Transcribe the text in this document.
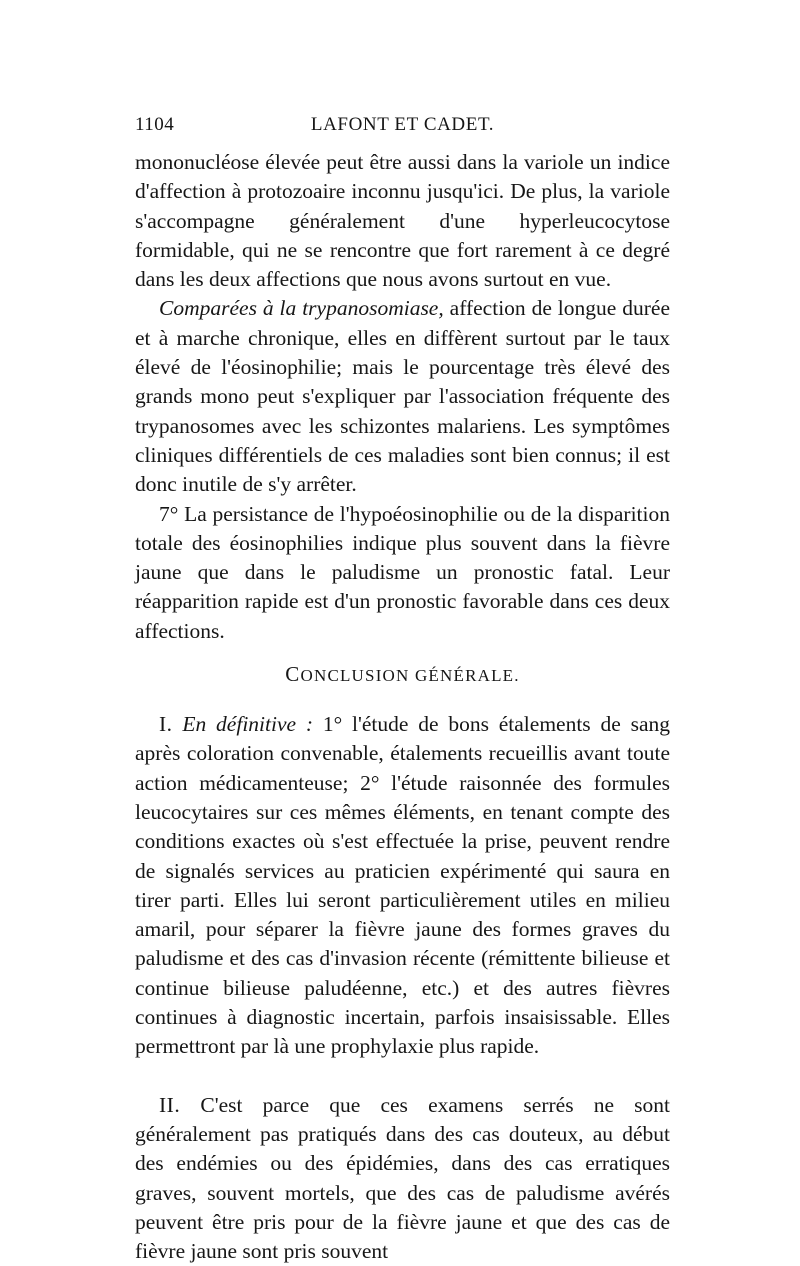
1104	LAFONT ET CADET.

mononucléose élevée peut être aussi dans la variole un indice d'affection à protozoaire inconnu jusqu'ici. De plus, la variole s'accompagne généralement d'une hyperleucocytose formidable, qui ne se rencontre que fort rarement à ce degré dans les deux affections que nous avons surtout en vue.

Comparées à la trypanosomiase, affection de longue durée et à marche chronique, elles en diffèrent surtout par le taux élevé de l'éosinophilie; mais le pourcentage très élevé des grands mono peut s'expliquer par l'association fréquente des trypanosomes avec les schizontes malariens. Les symptômes cliniques différentiels de ces maladies sont bien connus; il est donc inutile de s'y arrêter.

7° La persistance de l'hypoéosinophilie ou de la disparition totale des éosinophilies indique plus souvent dans la fièvre jaune que dans le paludisme un pronostic fatal. Leur réapparition rapide est d'un pronostic favorable dans ces deux affections.

CONCLUSION GÉNÉRALE.

I. En définitive : 1° l'étude de bons étalements de sang après coloration convenable, étalements recueillis avant toute action médicamenteuse; 2° l'étude raisonnée des formules leucocytaires sur ces mêmes éléments, en tenant compte des conditions exactes où s'est effectuée la prise, peuvent rendre de signalés services au praticien expérimenté qui saura en tirer parti. Elles lui seront particulièrement utiles en milieu amaril, pour séparer la fièvre jaune des formes graves du paludisme et des cas d'invasion récente (rémittente bilieuse et continue bilieuse paludéenne, etc.) et des autres fièvres continues à diagnostic incertain, parfois insaisissable. Elles permettront par là une prophylaxie plus rapide.

II. C'est parce que ces examens serrés ne sont généralement pas pratiqués dans des cas douteux, au début des endémies ou des épidémies, dans des cas erratiques graves, souvent mortels, que des cas de paludisme avérés peuvent être pris pour de la fièvre jaune et que des cas de fièvre jaune sont pris souvent
